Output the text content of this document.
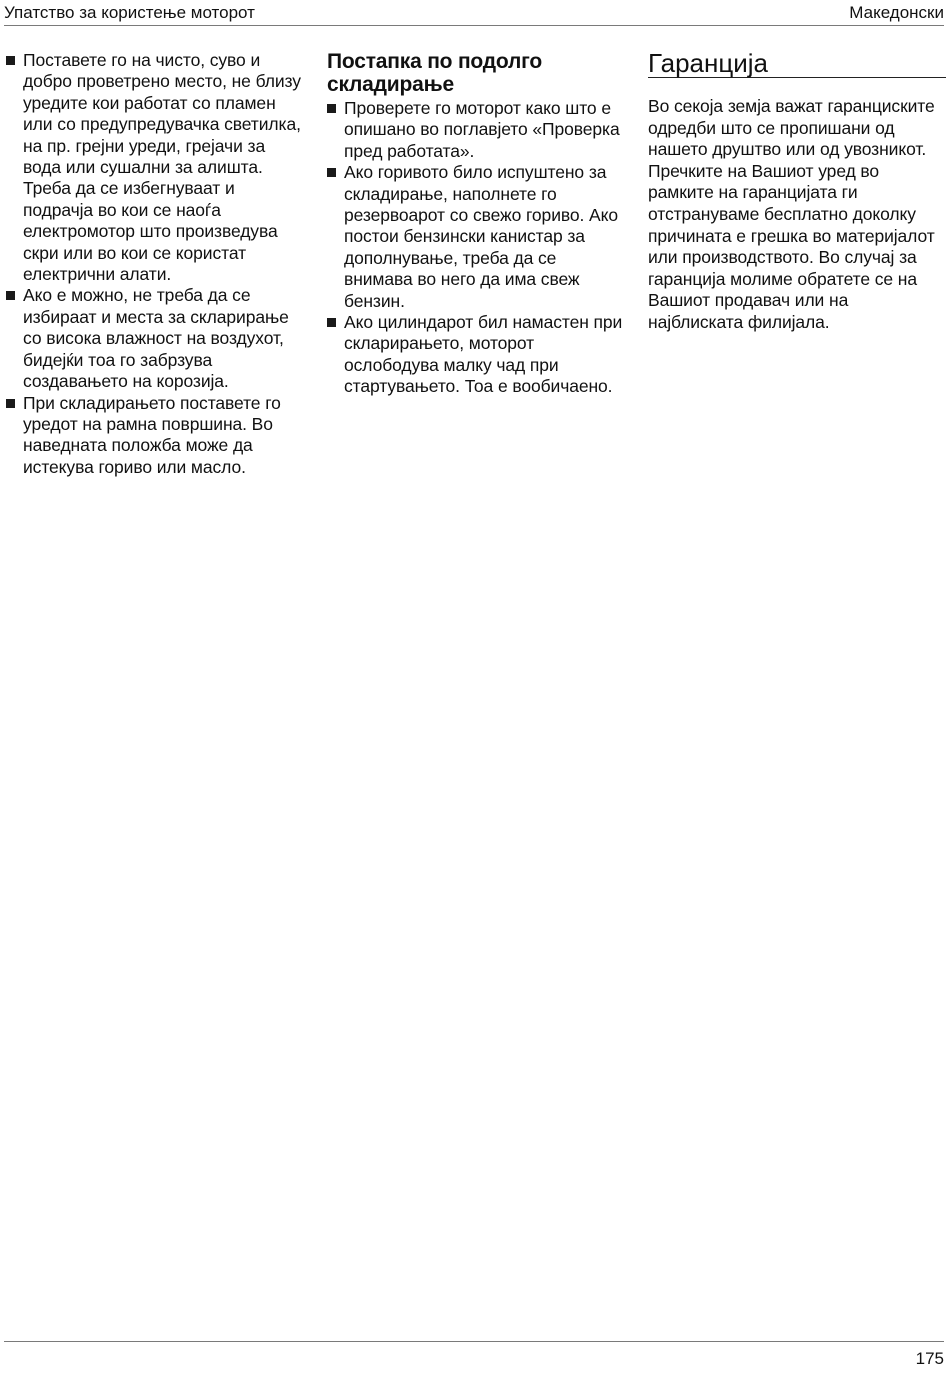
Упатство за користење моторот	Македонски
Поставете го на чисто, суво и добро проветрено место, не близу уредите кои работат со пламен или со предупредувачка светилка, на пр. грејни уреди, грејачи за вода или сушални за алишта. Треба да се избегнуваат и подрачја во кои се наоѓа електромотор што произведува скри или во кои се користат електрични алати.
Ако е можно, не треба да се избираат и места за скларирање со висока влажност на воздухот, бидејќи тоа го забрзува создавањето на корозија.
При складирањето поставете го уредот на рамна површина. Во наведната положба може да истекува гориво или масло.
Постапка по подолго складирање
Проверете го моторот како што е опишано во поглавјето «Проверка пред работата».
Ако горивото било испуштено за складирање, наполнете го резервоарот со свежо гориво. Ако постои бензински канистар за дополнување, треба да се внимава во него да има свеж бензин.
Ако цилиндарот бил намастен при скларирањето, моторот ослободува малку чад при стартувањето. Тоа е вообичаено.
Гаранција

Во секоја земја важат гаранциските одредби што се пропишани од нашето друштво или од увозникот. Пречките на Вашиот уред во рамките на гаранцијата ги отстрануваме бесплатно доколку причината е грешка во материјалот или производството. Во случај за гаранција молиме обратете се на Вашиот продавач или на најблиската филијала.

175
